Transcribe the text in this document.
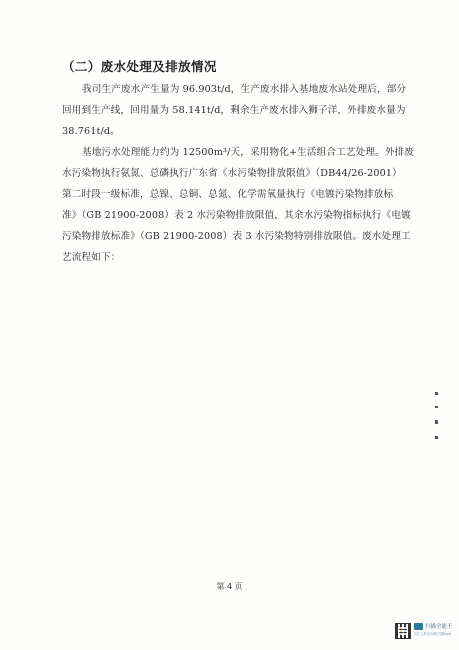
（二）废水处理及排放情况
我司生产废水产生量为 96.903t/d，生产废水排入基地废水站处理后，部分
回用到生产线，回用量为 58.141t/d，剩余生产废水排入狮子洋，外排废水量为
38.761t/d。
基地污水处理能力约为 12500m³/天，采用物化+生活组合工艺处理。外排废
水污染物执行氨氮、总磷执行广东省《水污染物排放限值》（DB44/26-2001）
第二时段一级标准，总镍、总铜、总氮、化学需氧量执行《电镀污染物排放标
准》（GB 21900-2008）表 2 水污染物排放限值，其余水污染物指标执行《电镀
污染物排放标准》（GB 21900-2008）表 3 水污染物特别排放限值。废水处理工
艺流程如下：
第 4 页
扫描全能王
3亿人都在用的扫描App
